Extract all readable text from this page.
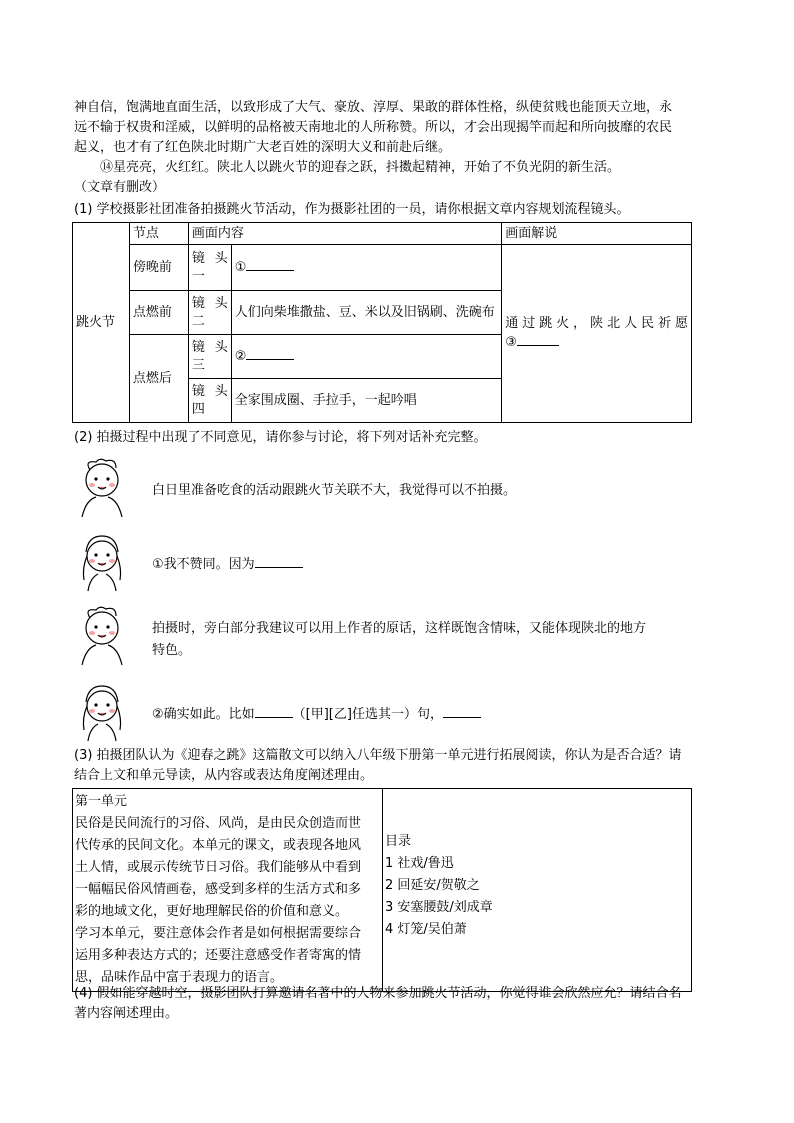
神自信，饱满地直面生活，以致形成了大气、豪放、淳厚、果敢的群体性格，纵使贫贱也能顶天立地，永
远不输于权贵和淫威，以鲜明的品格被天南地北的人所称赞。所以，才会出现揭竿而起和所向披靡的农民
起义，也才有了红色陕北时期广大老百姓的深明大义和前赴后继。
⑭星亮亮，火红红。陕北人以跳火节的迎春之跃，抖擞起精神，开始了不负光阴的新生活。
（文章有删改）
(1) 学校摄影社团准备拍摄跳火节活动，作为摄影社团的一员，请你根据文章内容规划流程镜头。
跳火节	节点	画面内容		画面解说
	傍晚前	镜头一	①	通过跳火，陕北人民祈愿
③

	点燃前	镜头二	人们向柴堆撒盐、豆、米以及旧锅刷、洗碗布	
	点燃后	镜头三	②	
		镜头四	全家围成圈、手拉手，一起吟唱	
(2) 拍摄过程中出现了不同意见，请你参与讨论，将下列对话补充完整。
白日里准备吃食的活动跟跳火节关联不大，我觉得可以不拍摄。
①我不赞同。因为
拍摄时，旁白部分我建议可以用上作者的原话，这样既饱含情味，又能体现陕北的地方
特色。
②确实如此。比如	（[甲][乙]任选其一）句，
(3) 拍摄团队认为《迎春之跳》这篇散文可以纳入八年级下册第一单元进行拓展阅读，你认为是否合适？请
结合上文和单元导读，从内容或表达角度阐述理由。
第一单元
民俗是民间流行的习俗、风尚，是由民众创造而世
代传承的民间文化。本单元的课文，或表现各地风
土人情，或展示传统节日习俗。我们能够从中看到
一幅幅民俗风情画卷，感受到多样的生活方式和多
彩的地域文化，更好地理解民俗的价值和意义。
学习本单元，要注意体会作者是如何根据需要综合
运用多种表达方式的；还要注意感受作者寄寓的情
思，品味作品中富于表现力的语言。

目录
1 社戏/鲁迅
2 回延安/贺敬之
3 安塞腰鼓/刘成章
4 灯笼/吴伯萧
(4) 假如能穿越时空，摄影团队打算邀请名著中的人物来参加跳火节活动，你觉得谁会欣然应允？请结合名
著内容阐述理由。
